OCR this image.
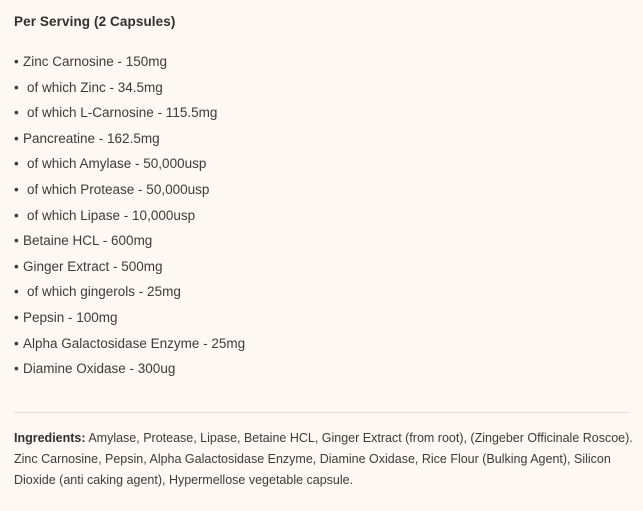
Per Serving (2 Capsules)
• Zinc Carnosine - 150mg
• of which Zinc - 34.5mg
• of which L-Carnosine - 115.5mg
• Pancreatine - 162.5mg
• of which Amylase - 50,000usp
• of which Protease - 50,000usp
• of which Lipase - 10,000usp
• Betaine HCL - 600mg
• Ginger Extract - 500mg
• of which gingerols - 25mg
• Pepsin - 100mg
• Alpha Galactosidase Enzyme - 25mg
• Diamine Oxidase - 300ug
Ingredients: Amylase, Protease, Lipase, Betaine HCL, Ginger Extract (from root), (Zingeber Officinale Roscoe). Zinc Carnosine, Pepsin, Alpha Galactosidase Enzyme, Diamine Oxidase, Rice Flour (Bulking Agent), Silicon Dioxide (anti caking agent), Hypermellose vegetable capsule.
